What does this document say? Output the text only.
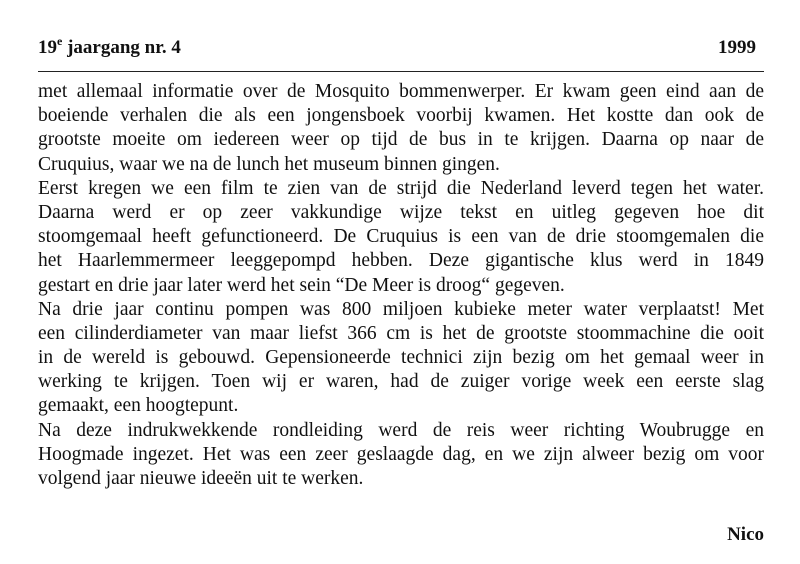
19e jaargang nr. 4	1999
met allemaal informatie over de Mosquito bommenwerper. Er kwam geen eind aan de
boeiende verhalen die als een jongensboek voorbij kwamen. Het kostte dan ook de
grootste moeite om iedereen weer op tijd de bus in te krijgen. Daarna op naar de
Cruquius, waar we na de lunch het museum binnen gingen.
Eerst kregen we een film te zien van de strijd die Nederland leverd tegen het water.
Daarna werd er op zeer vakkundige wijze tekst en uitleg gegeven hoe dit
stoomgemaal heeft gefunctioneerd. De Cruquius is een van de drie stoomgemalen die
het Haarlemmermeer leeggepompd hebben. Deze gigantische klus werd in 1849
gestart en drie jaar later werd het sein “De Meer is droog“ gegeven.
Na drie jaar continu pompen was 800 miljoen kubieke meter water verplaatst! Met
een cilinderdiameter van maar liefst 366 cm is het de grootste stoommachine die ooit
in de wereld is gebouwd. Gepensioneerde technici zijn bezig om het gemaal weer in
werking te krijgen. Toen wij er waren, had de zuiger vorige week een eerste slag
gemaakt, een hoogtepunt.
Na deze indrukwekkende rondleiding werd de reis weer richting Woubrugge en
Hoogmade ingezet. Het was een zeer geslaagde dag, en we zijn alweer bezig om voor
volgend jaar nieuwe ideeën uit te werken.
Nico
